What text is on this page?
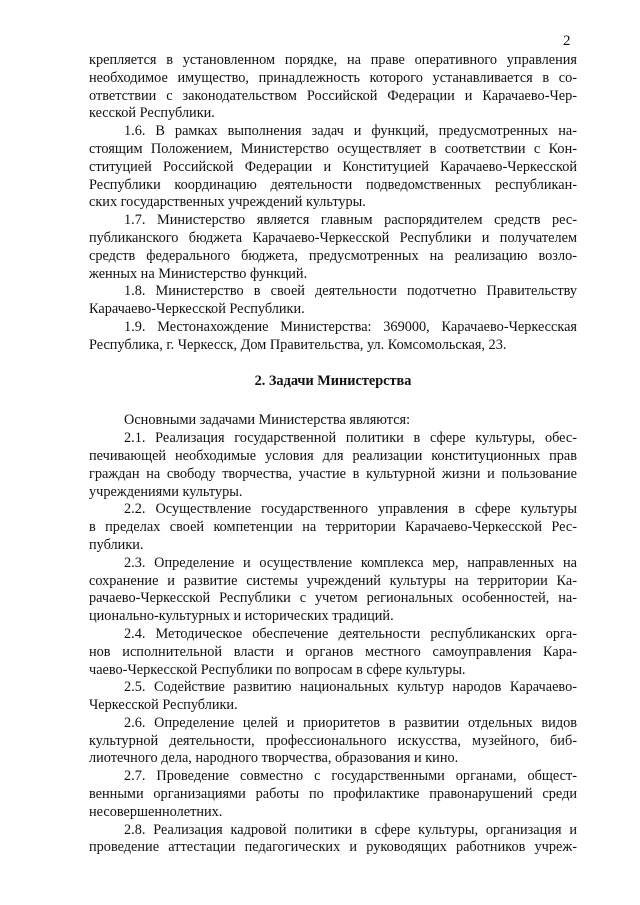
2
крепляется в установленном порядке, на праве оперативного управления
необходимое имущество, принадлежность которого устанавливается в со-
ответствии с законодательством Российской Федерации и Карачаево-Чер-
кесской Республики.
1.6. В рамках выполнения задач и функций, предусмотренных на-
стоящим Положением, Министерство осуществляет в соответствии с Кон-
ституцией Российской Федерации и Конституцией Карачаево-Черкесской
Республики координацию деятельности подведомственных республикан-
ских государственных учреждений культуры.
1.7. Министерство является главным распорядителем средств рес-
публиканского бюджета Карачаево-Черкесской Республики и получателем
средств федерального бюджета, предусмотренных на реализацию возло-
женных на Министерство функций.
1.8. Министерство в своей деятельности подотчетно Правительству
Карачаево-Черкесской Республики.
1.9. Местонахождение Министерства: 369000, Карачаево-Черкесская
Республика, г. Черкесск, Дом Правительства, ул. Комсомольская, 23.
2. Задачи Министерства
Основными задачами Министерства являются:
2.1. Реализация государственной политики в сфере культуры, обес-
печивающей необходимые условия для реализации конституционных прав
граждан на свободу творчества, участие в культурной жизни и пользование
учреждениями культуры.
2.2. Осуществление государственного управления в сфере культуры
в пределах своей компетенции на территории Карачаево-Черкесской Рес-
публики.
2.3. Определение и осуществление комплекса мер, направленных на
сохранение и развитие системы учреждений культуры на территории Ка-
рачаево-Черкесской Республики с учетом региональных особенностей, на-
ционально-культурных и исторических традиций.
2.4. Методическое обеспечение деятельности республиканских орга-
нов исполнительной власти и органов местного самоуправления Кара-
чаево-Черкесской Республики по вопросам в сфере культуры.
2.5. Содействие развитию национальных культур народов Карачаево-
Черкесской Республики.
2.6. Определение целей и приоритетов в развитии отдельных видов
культурной деятельности, профессионального искусства, музейного, биб-
лиотечного дела, народного творчества, образования и кино.
2.7. Проведение совместно с государственными органами, общест-
венными организациями работы по профилактике правонарушений среди
несовершеннолетних.
2.8. Реализация кадровой политики в сфере культуры, организация и
проведение аттестации педагогических и руководящих работников учреж-
